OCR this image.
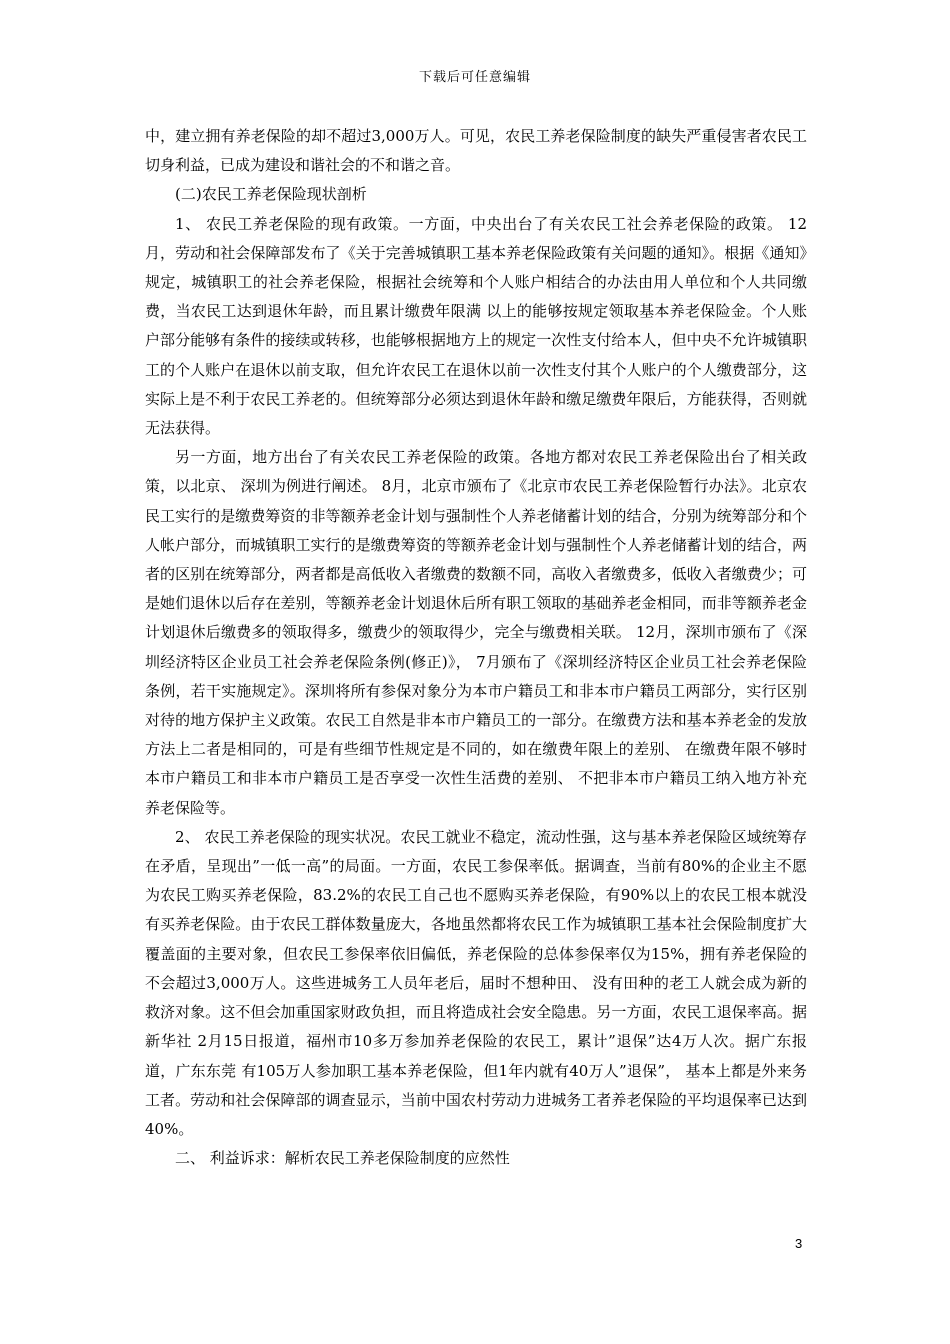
下载后可任意编辑

中，建立拥有养老保险的却不超过3,000万人。可见，农民工养老保险制度的缺失严重侵害者农民工切身利益，已成为建设和谐社会的不和谐之音。

(二)农民工养老保险现状剖析

1、 农民工养老保险的现有政策。一方面，中央出台了有关农民工社会养老保险的政策。 12月，劳动和社会保障部发布了《关于完善城镇职工基本养老保险政策有关问题的通知》。根据《通知》规定，城镇职工的社会养老保险，根据社会统筹和个人账户相结合的办法由用人单位和个人共同缴费，当农民工达到退休年龄，而且累计缴费年限满 以上的能够按规定领取基本养老保险金。个人账户部分能够有条件的接续或转移，也能够根据地方上的规定一次性支付给本人，但中央不允许城镇职工的个人账户在退休以前支取，但允许农民工在退休以前一次性支付其个人账户的个人缴费部分，这实际上是不利于农民工养老的。但统筹部分必须达到退休年龄和缴足缴费年限后，方能获得，否则就无法获得。

另一方面，地方出台了有关农民工养老保险的政策。各地方都对农民工养老保险出台了相关政策，以北京、 深圳为例进行阐述。 8月，北京市颁布了《北京市农民工养老保险暂行办法》。北京农民工实行的是缴费筹资的非等额养老金计划与强制性个人养老储蓄计划的结合，分别为统筹部分和个人帐户部分，而城镇职工实行的是缴费筹资的等额养老金计划与强制性个人养老储蓄计划的结合，两者的区别在统筹部分，两者都是高低收入者缴费的数额不同，高收入者缴费多，低收入者缴费少；可是她们退休以后存在差别，等额养老金计划退休后所有职工领取的基础养老金相同，而非等额养老金计划退休后缴费多的领取得多，缴费少的领取得少，完全与缴费相关联。 12月，深圳市颁布了《深圳经济特区企业员工社会养老保险条例(修正)》， 7月颁布了《深圳经济特区企业员工社会养老保险条例，若干实施规定》。深圳将所有参保对象分为本市户籍员工和非本市户籍员工两部分，实行区别对待的地方保护主义政策。农民工自然是非本市户籍员工的一部分。在缴费方法和基本养老金的发放方法上二者是相同的，可是有些细节性规定是不同的，如在缴费年限上的差别、 在缴费年限不够时本市户籍员工和非本市户籍员工是否享受一次性生活费的差别、 不把非本市户籍员工纳入地方补充养老保险等。

2、 农民工养老保险的现实状况。农民工就业不稳定，流动性强，这与基本养老保险区域统筹存在矛盾，呈现出”一低一高”的局面。一方面，农民工参保率低。据调查，当前有80%的企业主不愿为农民工购买养老保险，83.2%的农民工自己也不愿购买养老保险，有90%以上的农民工根本就没有买养老保险。由于农民工群体数量庞大，各地虽然都将农民工作为城镇职工基本社会保险制度扩大覆盖面的主要对象，但农民工参保率依旧偏低，养老保险的总体参保率仅为15%，拥有养老保险的不会超过3,000万人。这些进城务工人员年老后，届时不想种田、 没有田种的老工人就会成为新的救济对象。这不但会加重国家财政负担，而且将造成社会安全隐患。另一方面，农民工退保率高。据新华社 2月15日报道，福州市10多万参加养老保险的农民工，累计”退保”达4万人次。据广东报道，广东东莞 有105万人参加职工基本养老保险，但1年内就有40万人”退保”， 基本上都是外来务工者。劳动和社会保障部的调查显示，当前中国农村劳动力进城务工者养老保险的平均退保率已达到40%。

二、 利益诉求：解析农民工养老保险制度的应然性

3
